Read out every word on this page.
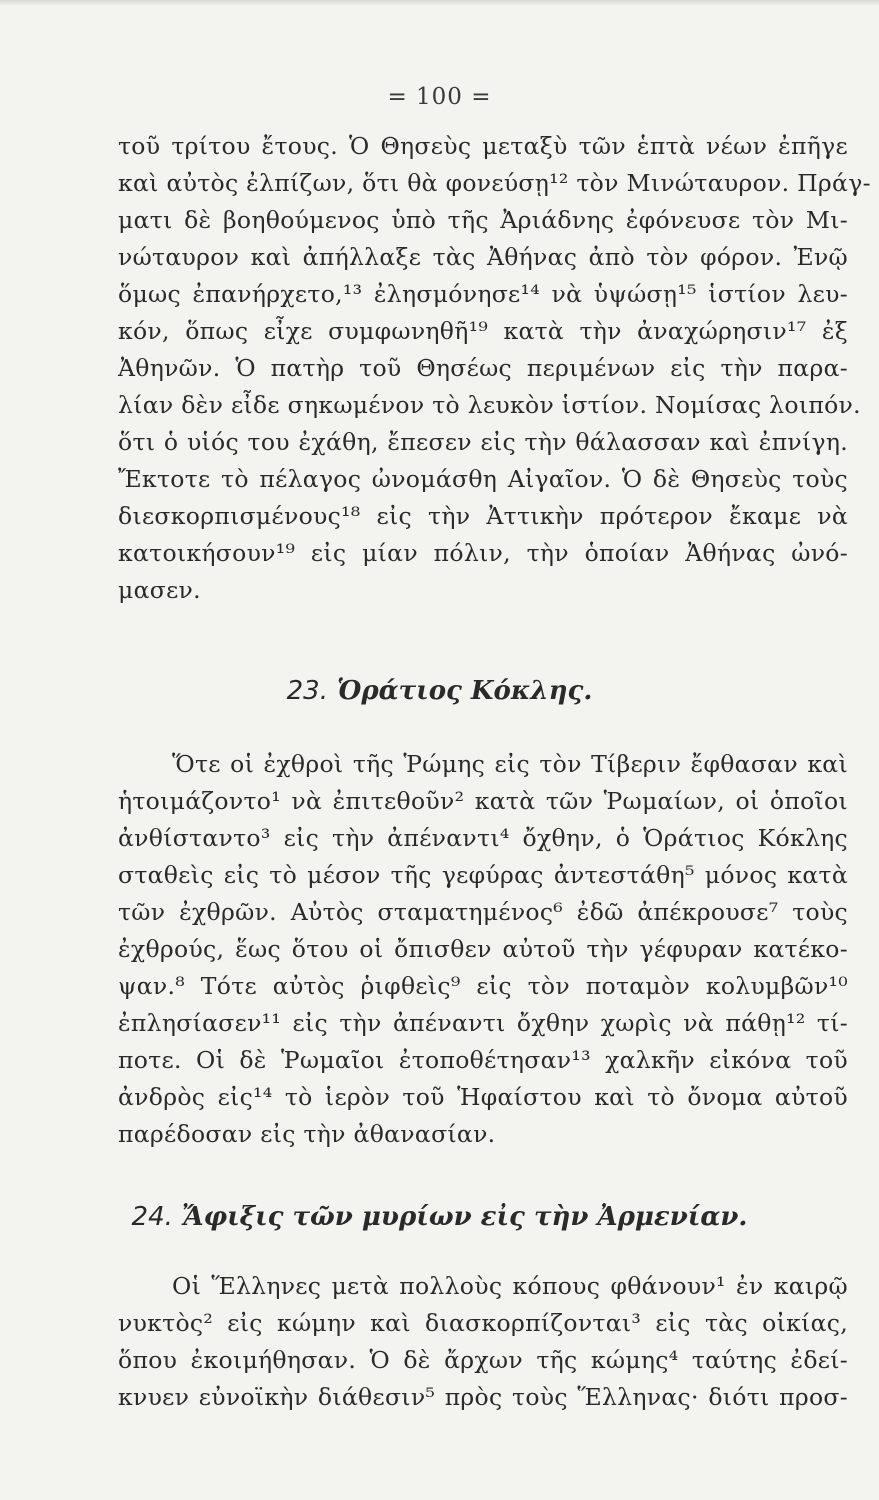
= 100 =
τοῦ τρίτου ἔτους. Ὁ Θησεὺς μεταξὺ τῶν ἑπτὰ νέων ἐπῆγε
καὶ αὐτὸς ἐλπίζων, ὅτι θὰ φονεύσῃ¹² τὸν Μινώταυρον. Πράγ-
ματι δὲ βοηθούμενος ὑπὸ τῆς Ἀριάδνης ἐφόνευσε τὸν Μι-
νώταυρον καὶ ἀπήλλαξε τὰς Ἀθήνας ἀπὸ τὸν φόρον. Ἐνῷ
ὅμως ἐπανήρχετο,¹³ ἐλησμόνησε¹⁴ νὰ ὑψώσῃ¹⁵ ἱστίον λευ-
κόν, ὅπως εἶχε συμφωνηθῆ¹⁹ κατὰ τὴν ἀναχώρησιν¹⁷ ἐξ
Ἀθηνῶν. Ὁ πατὴρ τοῦ Θησέως περιμένων εἰς τὴν παρα-
λίαν δὲν εἶδε σηκωμένον τὸ λευκὸν ἱστίον. Νομίσας λοιπόν.
ὅτι ὁ υἱός του ἐχάθη, ἔπεσεν εἰς τὴν θάλασσαν καὶ ἐπνίγη.
Ἔκτοτε τὸ πέλαγος ὠνομάσθη Αἰγαῖον. Ὁ δὲ Θησεὺς τοὺς
διεσκορπισμένους¹⁸ εἰς τὴν Ἀττικὴν πρότερον ἔκαμε νὰ
κατοικήσουν¹⁹ εἰς μίαν πόλιν, τὴν ὁποίαν Ἀθήνας ὠνό-
μασεν.
23. Ὁράτιος Κόκλης.
Ὅτε οἱ ἐχθροὶ τῆς Ῥώμης εἰς τὸν Τίβεριν ἔφθασαν καὶ
ἡτοιμάζοντο¹ νὰ ἐπιτεθοῦν² κατὰ τῶν Ῥωμαίων, οἱ ὁποῖοι
ἀνθίσταντο³ εἰς τὴν ἀπέναντι⁴ ὄχθην, ὁ Ὁράτιος Κόκλης
σταθεὶς εἰς τὸ μέσον τῆς γεφύρας ἀντεστάθη⁵ μόνος κατὰ
τῶν ἐχθρῶν. Αὐτὸς σταματημένος⁶ ἐδῶ ἀπέκρουσε⁷ τοὺς
ἐχθρούς, ἕως ὅτου οἱ ὄπισθεν αὐτοῦ τὴν γέφυραν κατέκο-
ψαν.⁸ Τότε αὐτὸς ῥιφθεὶς⁹ εἰς τὸν ποταμὸν κολυμβῶν¹⁰
ἐπλησίασεν¹¹ εἰς τὴν ἀπέναντι ὄχθην χωρὶς νὰ πάθῃ¹² τί-
ποτε. Οἱ δὲ Ῥωμαῖοι ἐτοποθέτησαν¹³ χαλκῆν εἰκόνα τοῦ
ἀνδρὸς εἰς¹⁴ τὸ ἱερὸν τοῦ Ἡφαίστου καὶ τὸ ὄνομα αὐτοῦ
παρέδοσαν εἰς τὴν ἀθανασίαν.
24. Ἄφιξις τῶν μυρίων εἰς τὴν Ἀρμενίαν.
Οἱ Ἕλληνες μετὰ πολλοὺς κόπους φθάνουν¹ ἐν καιρῷ
νυκτὸς² εἰς κώμην καὶ διασκορπίζονται³ εἰς τὰς οἰκίας,
ὅπου ἐκοιμήθησαν. Ὁ δὲ ἄρχων τῆς κώμης⁴ ταύτης ἐδεί-
κνυεν εὐνοϊκὴν διάθεσιν⁵ πρὸς τοὺς Ἕλληνας· διότι προσ-
